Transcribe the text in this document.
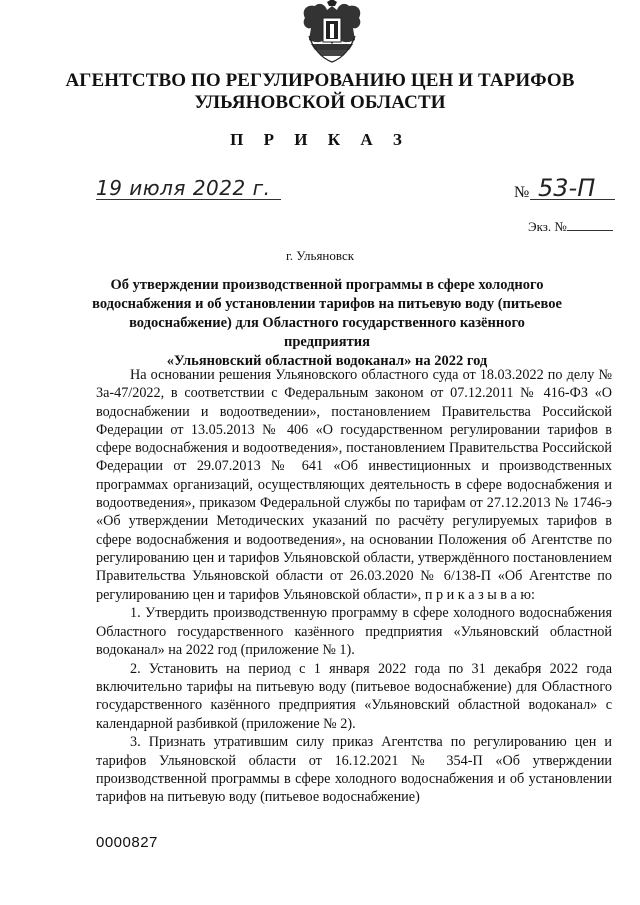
АГЕНТСТВО ПО РЕГУЛИРОВАНИЮ ЦЕН И ТАРИФОВ
УЛЬЯНОВСКОЙ ОБЛАСТИ
П Р И К А З
19 июля 2022 г.	№ 53-П
Экз. №
г. Ульяновск
Об утверждении производственной программы в сфере холодного
водоснабжения и об установлении тарифов на питьевую воду (питьевое
водоснабжение) для Областного государственного казённого предприятия
«Ульяновский областной водоканал» на 2022 год

На основании решения Ульяновского областного суда от 18.03.2022 по делу № 3а-47/2022, в соответствии с Федеральным законом от 07.12.2011 № 416-ФЗ «О водоснабжении и водоотведении», постановлением Правительства Российской Федерации от 13.05.2013 № 406 «О государственном регулировании тарифов в сфере водоснабжения и водоотведения», постановлением Правительства Российской Федерации от 29.07.2013 № 641 «Об инвестиционных и производственных программах организаций, осуществляющих деятельность в сфере водоснабжения и водоотведения», приказом Федеральной службы по тарифам от 27.12.2013 № 1746-э «Об утверждении Методических указаний по расчёту регулируемых тарифов в сфере водоснабжения и водоотведения», на основании Положения об Агентстве по регулированию цен и тарифов Ульяновской области, утверждённого постановлением Правительства Ульяновской области от 26.03.2020 № 6/138-П «Об Агентстве по регулированию цен и тарифов Ульяновской области», п р и к а з ы в а ю:

1. Утвердить производственную программу в сфере холодного водоснабжения Областного государственного казённого предприятия «Ульяновский областной водоканал» на 2022 год (приложение № 1).

2. Установить на период с 1 января 2022 года по 31 декабря 2022 года включительно тарифы на питьевую воду (питьевое водоснабжение) для Областного государственного казённого предприятия «Ульяновский областной водоканал» с календарной разбивкой (приложение № 2).

3. Признать утратившим силу приказ Агентства по регулированию цен и тарифов Ульяновской области от 16.12.2021 № 354-П «Об утверждении производственной программы в сфере холодного водоснабжения и об установлении тарифов на питьевую воду (питьевое водоснабжение)

0000827
